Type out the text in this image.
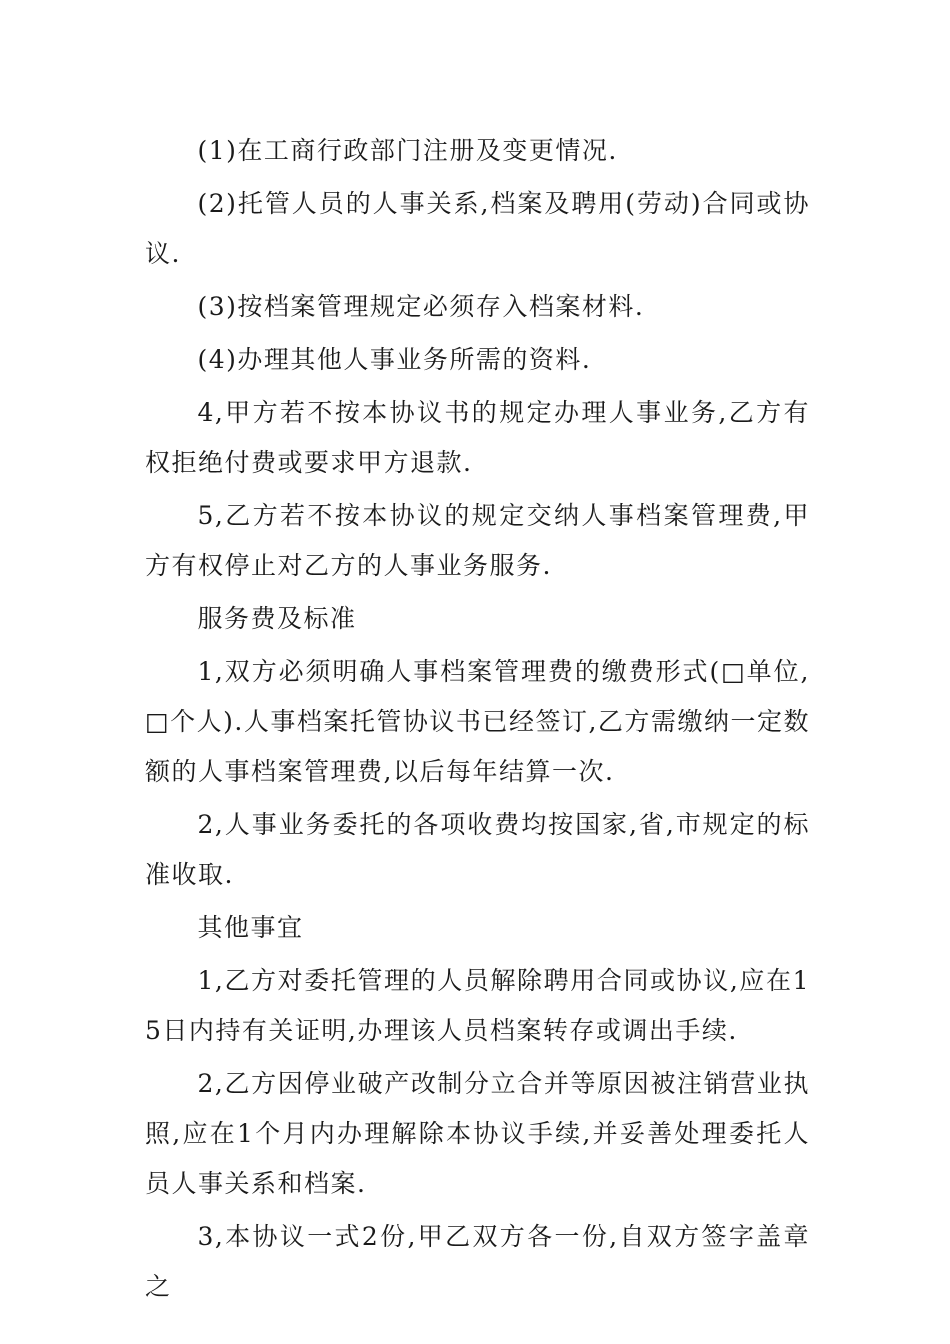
(1)在工商行政部门注册及变更情况.

(2)托管人员的人事关系,档案及聘用(劳动)合同或协议.

(3)按档案管理规定必须存入档案材料.

(4)办理其他人事业务所需的资料.

4,甲方若不按本协议书的规定办理人事业务,乙方有权拒绝付费或要求甲方退款.

5,乙方若不按本协议的规定交纳人事档案管理费,甲方有权停止对乙方的人事业务服务.

服务费及标准

1,双方必须明确人事档案管理费的缴费形式(□单位,□个人).人事档案托管协议书已经签订,乙方需缴纳一定数额的人事档案管理费,以后每年结算一次.

2,人事业务委托的各项收费均按国家,省,市规定的标准收取.

其他事宜

1,乙方对委托管理的人员解除聘用合同或协议,应在15日内持有关证明,办理该人员档案转存或调出手续.

2,乙方因停业破产改制分立合并等原因被注销营业执照,应在1个月内办理解除本协议手续,并妥善处理委托人员人事关系和档案.

3,本协议一式2份,甲乙双方各一份,自双方签字盖章之
